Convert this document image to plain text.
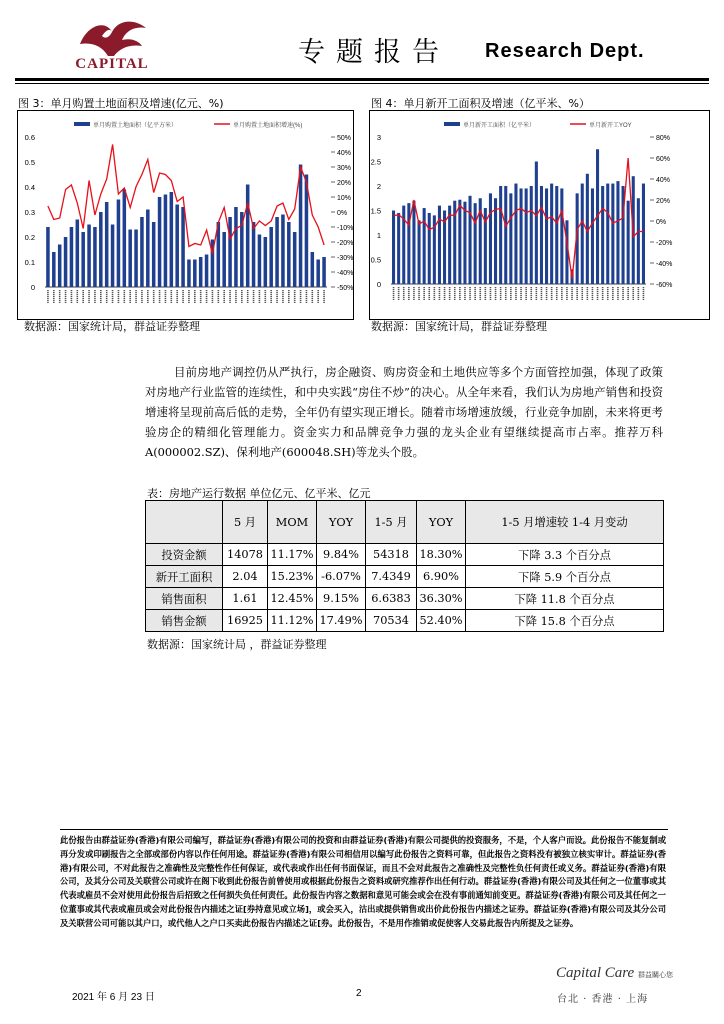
CAPITAL	专题报告 Research Dept.
图 3：单月购置土地面积及增速(亿元、%)	图 4：单月新开工面积及增速（亿平米、%）
0
0.1
0.2
0.3
0.4
0.5
0.6
-50%
-40%
-30%
-20%
-10%
0%
10%
20%
30%
40%
50%
单月购置土地面积（亿平方米）	单月购置土地面积增速(%)
0
0.5
1
1.5
2
2.5
3
-60%
-40%
-20%
0%
20%
40%
60%
80%
单月新开工面积（亿平米）	单月新开工YOY
数据源：国家统计局，群益证券整理	数据源：国家统计局，群益证券整理
目前房地产调控仍从严执行，房企融资、购房资金和土地供应等多个方面管控加强，体现了政策对房地产行业监管的连续性，和中央实践“房住不炒”的决心。从全年来看，我们认为房地产销售和投资增速将呈现前高后低的走势，全年仍有望实现正增长。随着市场增速放缓，行业竞争加剧，未来将更考验房企的精细化管理能力。资金实力和品牌竞争力强的龙头企业有望继续提高市占率。推荐万科 A(000002.SZ)、保利地产(600048.SH)等龙头个股。
表：房地产运行数据 单位亿元、亿平米、亿元
	5 月	MOM	YOY	1-5 月	YOY	1-5 月增速较 1-4 月变动
投资金额	14078	11.17%	9.84%	54318	18.30%	下降 3.3 个百分点
新开工面积	2.04	15.23%	-6.07%	7.4349	6.90%	下降 5.9 个百分点
销售面积	1.61	12.45%	9.15%	6.6383	36.30%	下降 11.8 个百分点
销售金额	16925	11.12%	17.49%	70534	52.40%	下降 15.8 个百分点
数据源：国家统计局 ，群益证券整理
此份报告由群益证券(香港)有限公司编写，群益证券(香港)有限公司的投资和由群益证券(香港)有限公司提供的投资服务，不是，个人客户而设。此份报告不能复制或再分发或印刷报告之全部或部份内容以作任何用途。群益证券(香港)有限公司相信用以编写此份报告之资料可靠，但此报告之资料没有被独立核实审计。群益证券(香港)有限公司，不对此报告之准确性及完整性作任何保证，或代表或作出任何书面保证，而且不会对此报告之准确性及完整性负任何责任或义务。群益证券(香港)有限公司，及其分公司及关联营公司或许在阁下收到此份报告前曾使用或根据此份报告之资料或研究推荐作出任何行动。群益证券(香港)有限公司及其任何之一位董事或其代表或雇员不会对使用此份报告后招致之任何损失负任何责任。此份报告内容之数据和意见可能会或会在没有事前通知前变更。群益证券(香港)有限公司及其任何之一位董事或其代表或雇员或会对此份报告内描述之证[券持意见或立场]，或会买入，沽出或提供销售或出价此份报告内描述之证券。群益证券(香港)有限公司及其分公司及关联营公司可能以其户口，或代他人之户口买卖此份报告内描述之证[券。此份报告，不是用作推销或促使客人交易此报告内所提及之证券。
2021 年 6 月 23 日	2
Capital Care 群益關心您
台北 · 香港 · 上海
